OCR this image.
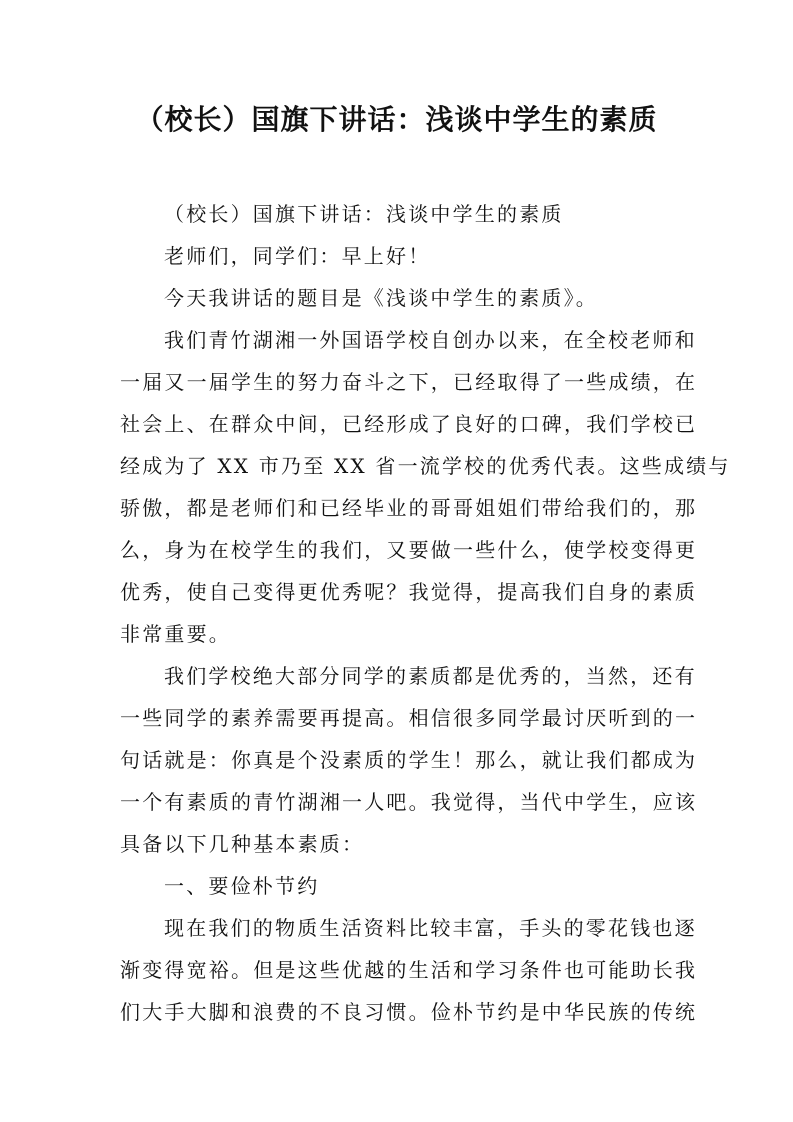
（校长）国旗下讲话：浅谈中学生的素质
（校长）国旗下讲话：浅谈中学生的素质
老师们，同学们：早上好！
今天我讲话的题目是《浅谈中学生的素质》。
我们青竹湖湘一外国语学校自创办以来，在全校老师和
一届又一届学生的努力奋斗之下，已经取得了一些成绩，在
社会上、在群众中间，已经形成了良好的口碑，我们学校已
经成为了 XX 市乃至 XX 省一流学校的优秀代表。这些成绩与
骄傲，都是老师们和已经毕业的哥哥姐姐们带给我们的，那
么，身为在校学生的我们，又要做一些什么，使学校变得更
优秀，使自己变得更优秀呢？我觉得，提高我们自身的素质
非常重要。
我们学校绝大部分同学的素质都是优秀的，当然，还有
一些同学的素养需要再提高。相信很多同学最讨厌听到的一
句话就是：你真是个没素质的学生！那么，就让我们都成为
一个有素质的青竹湖湘一人吧。我觉得，当代中学生，应该
具备以下几种基本素质：
一、要俭朴节约
现在我们的物质生活资料比较丰富，手头的零花钱也逐
渐变得宽裕。但是这些优越的生活和学习条件也可能助长我
们大手大脚和浪费的不良习惯。俭朴节约是中华民族的传统
